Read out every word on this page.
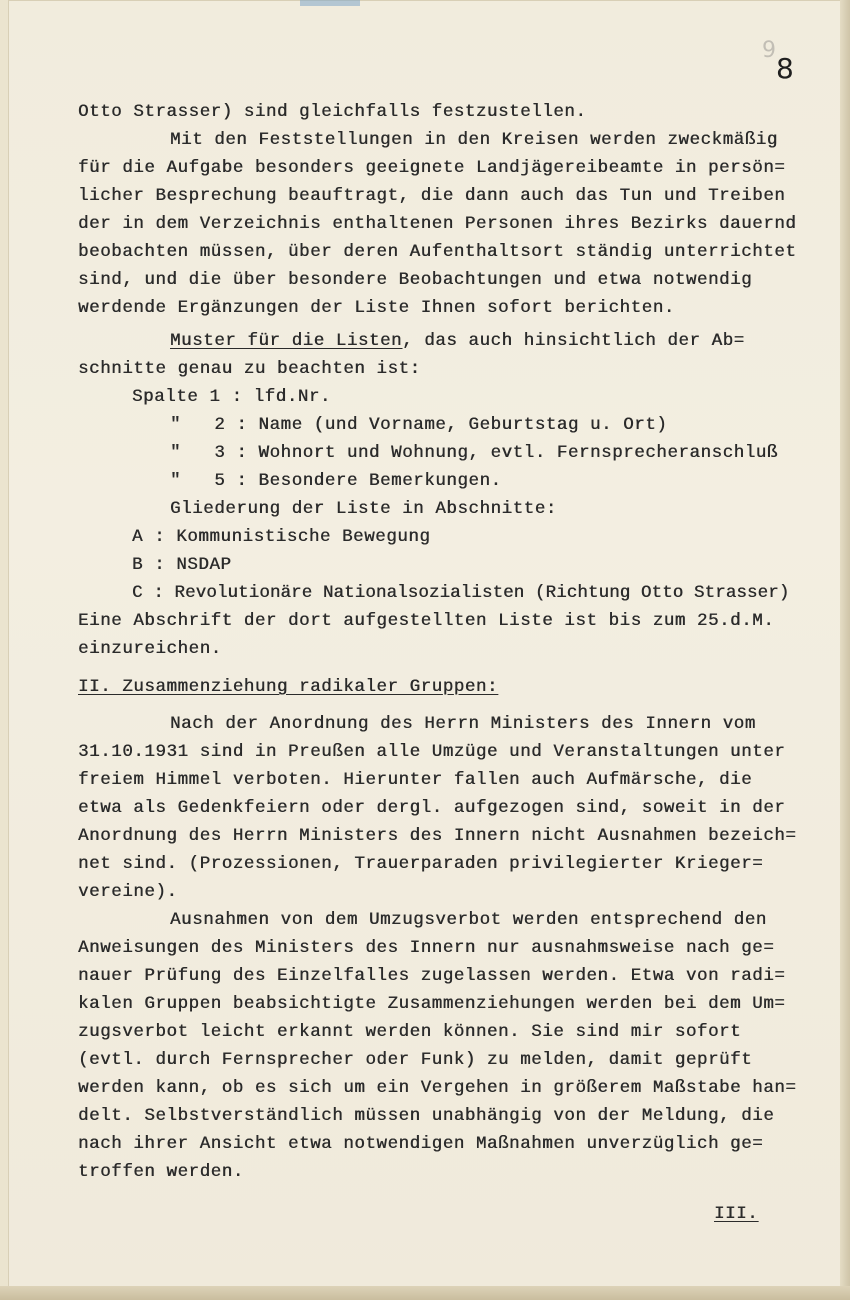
9
8
Otto Strasser) sind gleichfalls festzustellen.
Mit den Feststellungen in den Kreisen werden zweckmäßig
für die Aufgabe besonders geeignete Landjägereibeamte in persön=
licher Besprechung beauftragt, die dann auch das Tun und Treiben
der in dem Verzeichnis enthaltenen Personen ihres Bezirks dauernd
beobachten müssen, über deren Aufenthaltsort ständig unterrichtet
sind, und die über besondere Beobachtungen und etwa notwendig
werdende Ergänzungen der Liste Ihnen sofort berichten.
Muster für die Listen, das auch hinsichtlich der Ab=
schnitte genau zu beachten ist:
Spalte 1 : lfd.Nr.
"   2 : Name (und Vorname, Geburtstag u. Ort)
"   3 : Wohnort und Wohnung, evtl. Fernsprecheranschluß
"   5 : Besondere Bemerkungen.
Gliederung der Liste in Abschnitte:
A : Kommunistische Bewegung
B : NSDAP
C : Revolutionäre Nationalsozialisten (Richtung Otto Strasser)
Eine Abschrift der dort aufgestellten Liste ist bis zum 25.d.M.
einzureichen.
II. Zusammenziehung radikaler Gruppen:
Nach der Anordnung des Herrn Ministers des Innern vom
31.10.1931 sind in Preußen alle Umzüge und Veranstaltungen unter
freiem Himmel verboten. Hierunter fallen auch Aufmärsche, die
etwa als Gedenkfeiern oder dergl. aufgezogen sind, soweit in der
Anordnung des Herrn Ministers des Innern nicht Ausnahmen bezeich=
net sind. (Prozessionen, Trauerparaden privilegierter Krieger=
vereine).
Ausnahmen von dem Umzugsverbot werden entsprechend den
Anweisungen des Ministers des Innern nur ausnahmsweise nach ge=
nauer Prüfung des Einzelfalles zugelassen werden. Etwa von radi=
kalen Gruppen beabsichtigte Zusammenziehungen werden bei dem Um=
zugsverbot leicht erkannt werden können. Sie sind mir sofort
(evtl. durch Fernsprecher oder Funk) zu melden, damit geprüft
werden kann, ob es sich um ein Vergehen in größerem Maßstabe han=
delt. Selbstverständlich müssen unabhängig von der Meldung, die
nach ihrer Ansicht etwa notwendigen Maßnahmen unverzüglich ge=
troffen werden.
III.
